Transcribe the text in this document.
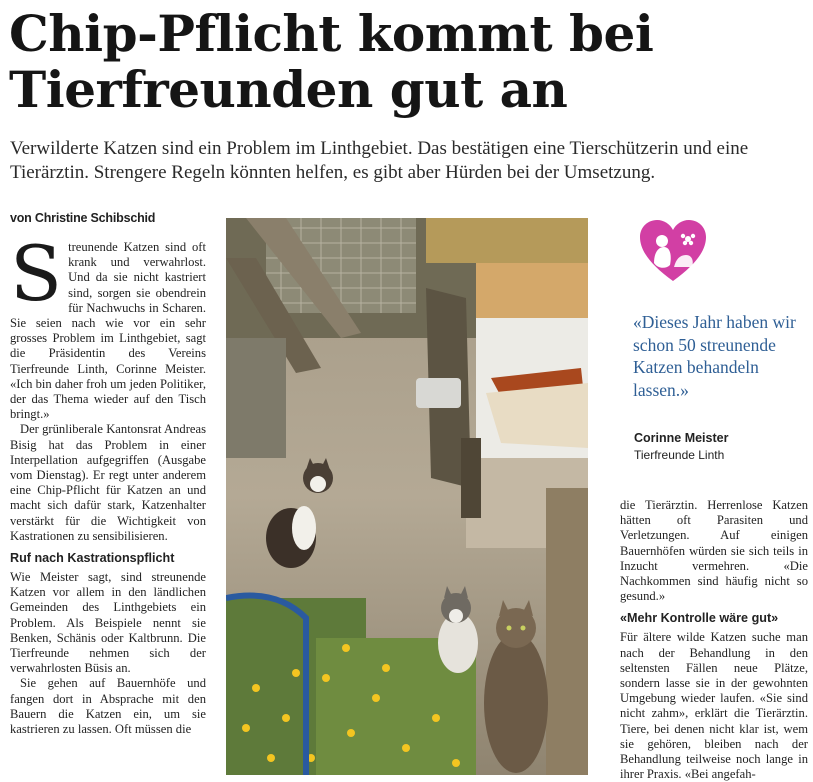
Chip-Pflicht kommt bei
Tierfreunden gut an

Verwilderte Katzen sind ein Problem im Linthgebiet. Das bestätigen eine Tierschützerin und eine Tierärztin. Strengere Regeln könnten helfen, es gibt aber Hürden bei der Umsetzung.

von Christine Schibschid

Streunende Katzen sind oft krank und verwahrlost. Und da sie nicht kastriert sind, sorgen sie obendrein für Nachwuchs in Scharen. Sie seien nach wie vor ein sehr grosses Problem im Linthgebiet, sagt die Präsidentin des Vereins Tierfreunde Linth, Corinne Meister. «Ich bin daher froh um jeden Politiker, der das Thema wieder auf den Tisch bringt.»

Der grünliberale Kantonsrat Andreas Bisig hat das Problem in einer Interpellation aufgegriffen (Ausgabe vom Dienstag). Er regt unter anderem eine Chip-Pflicht für Katzen an und macht sich dafür stark, Katzenhalter verstärkt für die Wichtigkeit von Kastrationen zu sensibilisieren.

Ruf nach Kastrationspflicht

Wie Meister sagt, sind streunende Katzen vor allem in den ländlichen Gemeinden des Linthgebiets ein Problem. Als Beispiele nennt sie Benken, Schänis oder Kaltbrunn. Die Tierfreunde nehmen sich der verwahrlosten Büsis an.

Sie gehen auf Bauernhöfe und fangen dort in Absprache mit den Bauern die Katzen ein, um sie kastrieren zu lassen. Oft müssen die

«Dieses Jahr haben wir schon 50 streunende Katzen behandeln lassen.»

Corinne Meister
Tierfreunde Linth

die Tierärztin. Herrenlose Katzen hätten oft Parasiten und Verletzungen. Auf einigen Bauernhöfen würden sie sich teils in Inzucht vermehren. «Die Nachkommen sind häufig nicht so gesund.»

«Mehr Kontrolle wäre gut»

Für ältere wilde Katzen suche man nach der Behandlung in den seltensten Fällen neue Plätze, sondern lasse sie in der gewohnten Umgebung wieder laufen. «Sie sind nicht zahm», erklärt die Tierärztin. Tiere, bei denen nicht klar ist, wem sie gehören, bleiben nach der Behandlung teilweise noch lange in ihrer Praxis. «Bei angefah-
